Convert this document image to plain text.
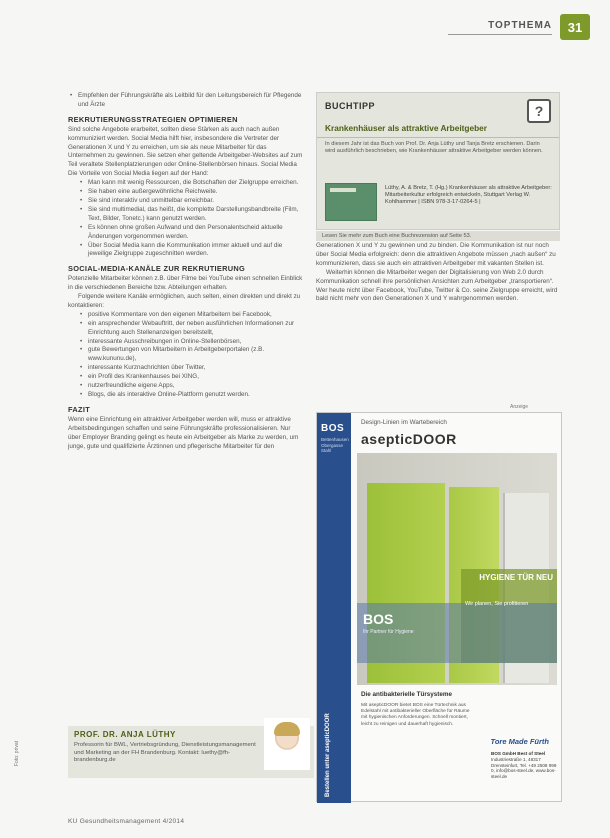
TOPTHEMA	31
• Empfehlen der Führungskräfte als Leitbild für den Leitungsbereich für Pflegende und Ärzte
REKRUTIERUNGSSTRATEGIEN OPTIMIEREN

Sind solche Angebote erarbeitet, sollten diese Stärken als auch nach außen kommuniziert werden. Social Media hilft hier, insbesondere die Vertreter der Generationen X und Y zu erreichen, um sie als neue Mitarbeiter für das Unternehmen zu gewinnen. Sie setzen eher geltende Arbeitgeber-Websites auf zum Teil veraltete Stellenplatzierungen oder Online-Stellenbörsen hinaus. Social Media Die Vorteile von Social Media liegen auf der Hand:

• Man kann mit wenig Ressourcen, die Botschaften der Zielgruppe erreichen.
• Sie haben eine außergewöhnliche Reichweite.
• Sie sind interaktiv und unmittelbar erreichbar.
• Sie sind multimedial, das heißt, die komplette Darstellungsbandbreite (Film, Text, Bilder, Tonetc.) kann genutzt werden.
• Es können ohne großen Aufwand und den Personalentscheid aktuelle Änderungen vorgenommen werden.
• Über Social Media kann die Kommunikation immer aktuell und auf die jeweilige Zielgruppe zugeschnitten werden.
SOCIAL-MEDIA-KANÄLE ZUR REKRUTIERUNG

Potenzielle Mitarbeiter können z.B. über Filme bei YouTube einen schnellen Einblick in die verschiedenen Bereiche bzw. Abteilungen erhalten.

Folgende weitere Kanäle ermöglichen, auch selten, einen direkten und direkt zu kontaktieren:

• positive Kommentare von den eigenen Mitarbeitern bei Facebook,
• ein ansprechender Webauftritt, der neben ausführlichen Informationen zur Einrichtung auch Stellenanzeigen bereitstellt,
• interessante Ausschreibungen in Online-Stellenbörsen,
• gute Bewertungen von Mitarbeitern in Arbeitgeberportalen (z.B. www.kununu.de),
• interessante Kurznachrichten über Twitter,
• ein Profil des Krankenhauses bei XING,
• nutzerfreundliche eigene Apps,
• Blogs, die als interaktive Online-Plattform genutzt werden.
FAZIT

Wenn eine Einrichtung ein attraktiver Arbeitgeber werden will, muss er attraktive Arbeitsbedingungen schaffen und seine Führungskräfte professionalisieren. Nur über Employer Branding gelingt es heute ein Arbeitgeber als Marke zu werden, um junge, gute und qualifizierte Ärztinnen und pflegerische Mitarbeiter für den

BUCHTIPP	?
Krankenhäuser als attraktive Arbeitgeber
In diesem Jahr ist das Buch von Prof. Dr. Anja Lüthy und Tanja Bretz erschienen. Darin wird ausführlich beschrieben, wie Krankenhäuser attraktive Arbeitgeber werden können.
Lüthy, A. & Bretz, T. (Hg.) Krankenhäuser als attraktive Arbeitgeber: Mitarbeiterkultur erfolgreich entwickeln, Stuttgart Verlag W. Kohlhammer | ISBN 978-3-17-0264-5 |
Lesen Sie mehr zum Buch eine Buchrezension auf Seite 53.

Generationen X und Y zu gewinnen und zu binden. Die Kommunikation ist nur noch über Social Media erfolgreich: denn die attraktiven Angebote müssen „nach außen“ zu kommunizieren, dass sie auch ein attraktiven Arbeitgeber mit vakanten Stellen ist.

Weiterhin können die Mitarbeiter wegen der Digitalisierung von Web 2.0 durch Kommunikation schnell ihre persönlichen Ansichten zum Arbeitgeber „transportieren“. Wer heute nicht über Facebook, YouTube, Twitter & Co. seine Zielgruppe erreicht, wird bald nicht mehr von den Generationen X und Y wahrgenommen werden.

Anzeige
BOS
Bettenhausen Obergasse Stahl
Bestellen unter asepticDOOR
Design-Linien im Wartebereich
asepticDOOR
HYGIENE TÜR NEU
Wir planen, Sie profitieren
BOS
Ihr Partner für Hygiene
Die antibakterielle Türsysteme
Mit asepticDOOR bietet BOS eine Türtechnik aus Edelstahl mit antibakterieller Oberfläche für Räume mit hygienischen Anforderungen. Schnell montiert, leicht zu reinigen und dauerhaft hygienisch.
Tore Made Fürth
BOS GmbH Best of Steel
Industriestraße 1, 48317 Drensteinfurt, Tel. +49 2508 999 0, info@bos-steel.de, www.bos-steel.de
PROF. DR. ANJA LÜTHY
Professorin für BWL, Vertriebsgründung, Dienstleistungsmanagement und Marketing an der FH Brandenburg. Kontakt: luethy@fh-brandenburg.de
Foto: privat
KU Gesundheitsmanagement 4/2014
